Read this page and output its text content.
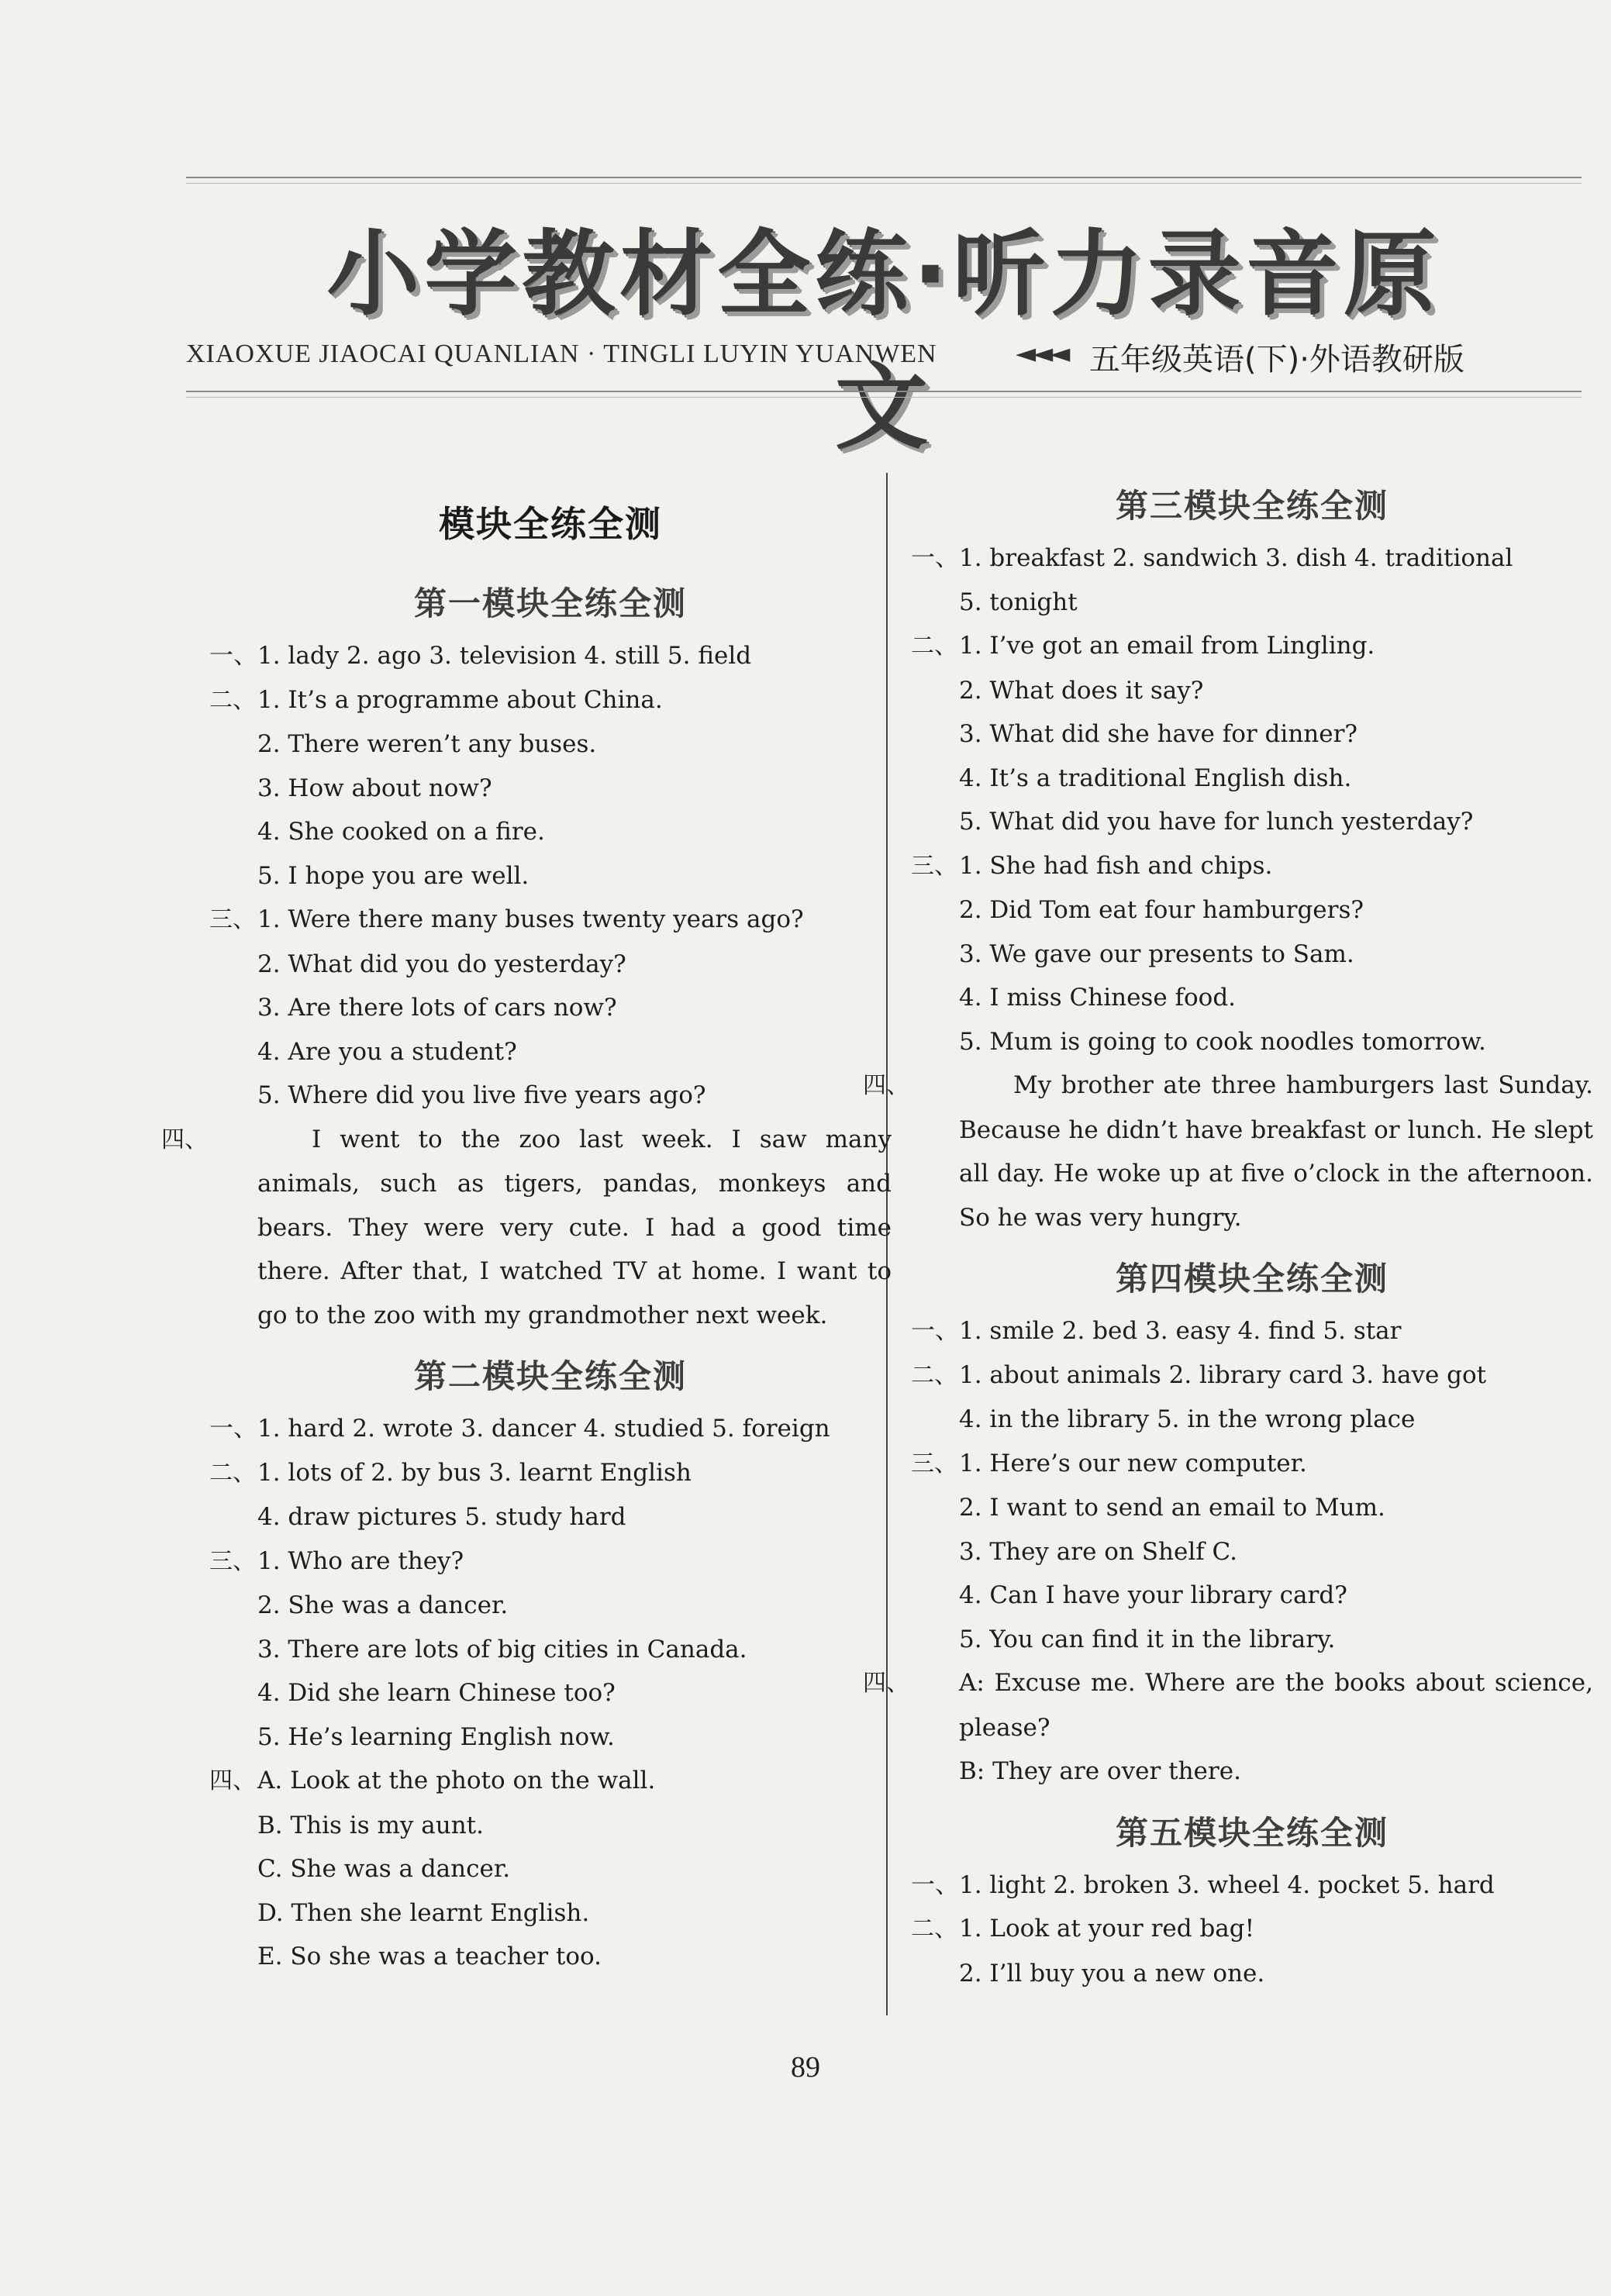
小学教材全练·听力录音原文
XIAOXUE JIAOCAI QUANLIAN · TINGLI LUYIN YUANWEN	◄◄◄ 五年级英语(下)·外语教研版
模块全练全测
第一模块全练全测
一、1. lady 2. ago 3. television 4. still 5. field
二、1. It’s a programme about China.
2. There weren’t any buses.
3. How about now?
4. She cooked on a fire.
5. I hope you are well.
三、1. Were there many buses twenty years ago?
2. What did you do yesterday?
3. Are there lots of cars now?
4. Are you a student?
5. Where did you live five years ago?
四、	I went to the zoo last week. I saw many animals, such as tigers, pandas, monkeys and bears. They were very cute. I had a good time there. After that, I watched TV at home. I want to go to the zoo with my grandmother next week.
第二模块全练全测
一、1. hard 2. wrote 3. dancer 4. studied 5. foreign
二、1. lots of 2. by bus 3. learnt English
4. draw pictures 5. study hard
三、1. Who are they?
2. She was a dancer.
3. There are lots of big cities in Canada.
4. Did she learn Chinese too?
5. He’s learning English now.
四、A. Look at the photo on the wall.
B. This is my aunt.
C. She was a dancer.
D. Then she learnt English.
E. So she was a teacher too.
第三模块全练全测
一、1. breakfast 2. sandwich 3. dish 4. traditional
5. tonight
二、1. I’ve got an email from Lingling.
2. What does it say?
3. What did she have for dinner?
4. It’s a traditional English dish.
5. What did you have for lunch yesterday?
三、1. She had fish and chips.
2. Did Tom eat four hamburgers?
3. We gave our presents to Sam.
4. I miss Chinese food.
5. Mum is going to cook noodles tomorrow.
四、	My brother ate three hamburgers last Sunday. Because he didn’t have breakfast or lunch. He slept all day. He woke up at five o’clock in the afternoon. So he was very hungry.
第四模块全练全测
一、1. smile 2. bed 3. easy 4. find 5. star
二、1. about animals 2. library card 3. have got
4. in the library 5. in the wrong place
三、1. Here’s our new computer.
2. I want to send an email to Mum.
3. They are on Shelf C.
4. Can I have your library card?
5. You can find it in the library.
四、 A: Excuse me. Where are the books about science, please?
B: They are over there.
第五模块全练全测
一、1. light 2. broken 3. wheel 4. pocket 5. hard
二、1. Look at your red bag!
2. I’ll buy you a new one.
89
